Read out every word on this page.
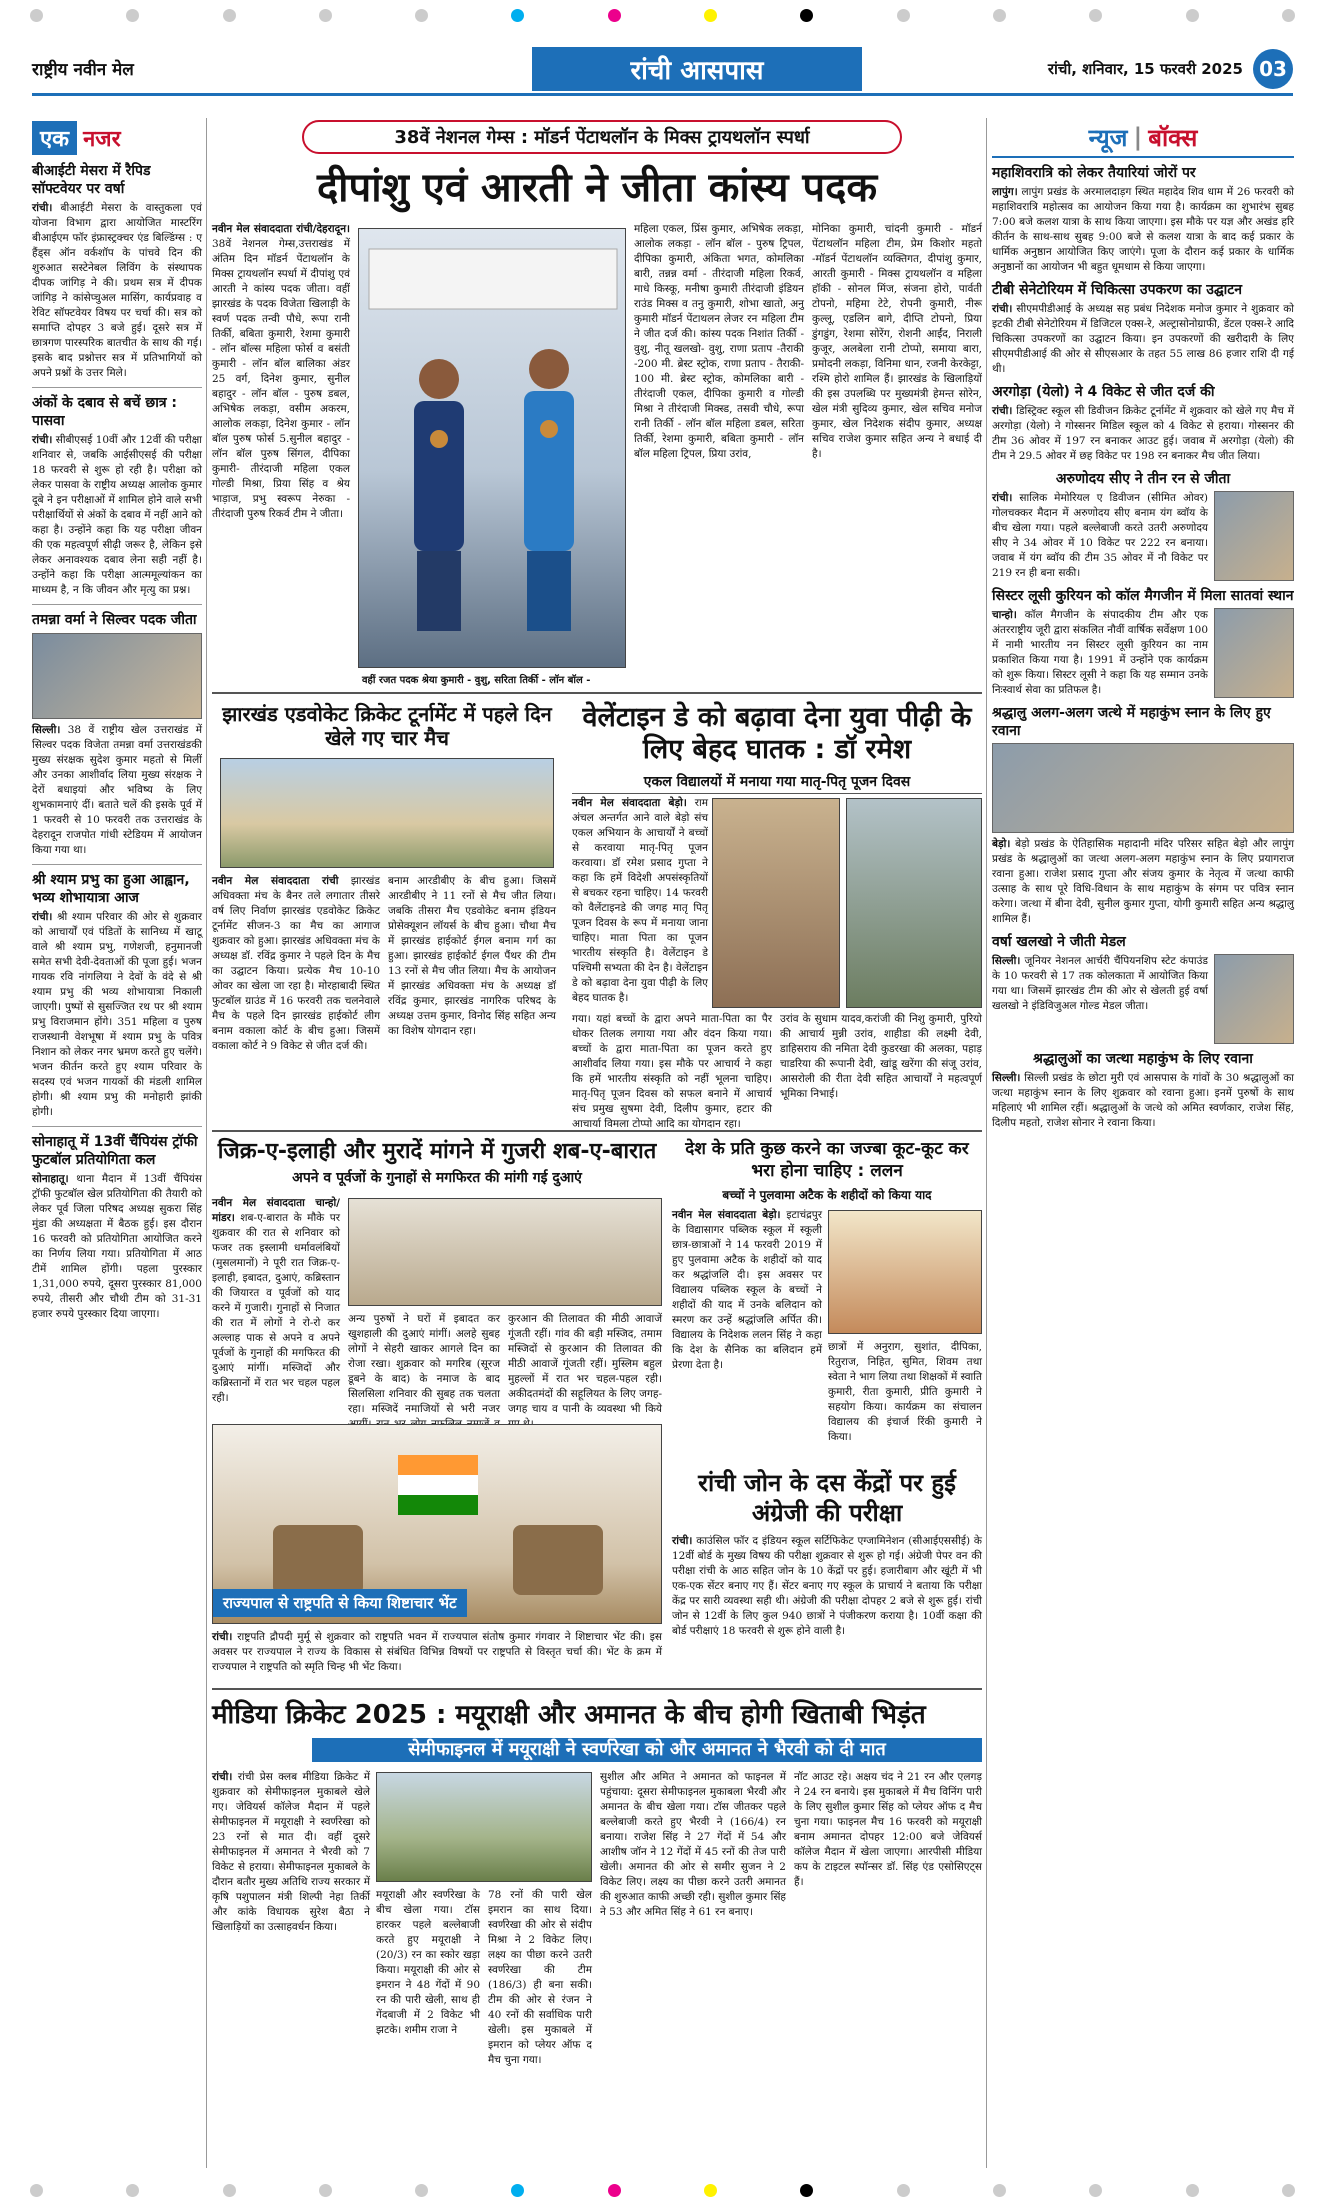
राष्ट्रीय नवीन मेल	रांची आसपास	रांची, शनिवार, 15 फरवरी 2025 03
एक नजर
बीआईटी मेसरा में रैपिड सॉफ्टवेयर पर वर्षा

रांची। बीआईटी मेसरा के वास्तुकला एवं योजना विभाग द्वारा आयोजित मास्टरिंग बीआईएम फॉर इंफ्रास्ट्रक्चर एंड बिल्डिंग्स : ए हैंड्स ऑन वर्कशॉप के पांचवे दिन की शुरुआत सस्टेनेबल लिविंग के संस्थापक दीपक जांगिड़ ने की। प्रथम सत्र में दीपक जांगिड़ ने कांसेप्चुअल मासिंग, कार्यप्रवाह व रेविट सॉफ्टवेयर विषय पर चर्चा की। सत्र को समाप्ति दोपहर 3 बजे हुई। दूसरे सत्र में छात्रगण पारस्परिक बातचीत के साथ की गई। इसके बाद प्रश्नोत्तर सत्र में प्रतिभागियों को अपने प्रश्नों के उत्तर मिले।

अंकों के दबाव से बचें छात्र : पासवा

रांची। सीबीएसई 10वीं और 12वीं की परीक्षा शनिवार से, जबकि आईसीएसई की परीक्षा 18 फरवरी से शुरू हो रही है। परीक्षा को लेकर पासवा के राष्ट्रीय अध्यक्ष आलोक कुमार दूबे ने इन परीक्षाओं में शामिल होने वाले सभी परीक्षार्थियों से अंकों के दबाव में नहीं आने को कहा है। उन्होंने कहा कि यह परीक्षा जीवन की एक महत्वपूर्ण सीढ़ी जरूर है, लेकिन इसे लेकर अनावश्यक दबाव लेना सही नहीं है। उन्होंने कहा कि परीक्षा आत्ममूल्यांकन का माध्यम है, न कि जीवन और मृत्यु का प्रश्न।

तमन्ना वर्मा ने सिल्वर पदक जीता

सिल्ली। 38 वें राष्ट्रीय खेल उत्तराखंड में सिल्वर पदक विजेता तमन्ना वर्मा उत्तराखंडकी मुख्य संरक्षक सुदेश कुमार महतो से मिलीं और उनका आशीर्वाद लिया मुख्य संरक्षक ने देरों बधाइयां और भविष्य के लिए शुभकामनाएं दीं। बताते चलें की इसके पूर्व में 1 फरवरी से 10 फरवरी तक उत्तराखंड के देहरादून राजपोत गांधी स्टेडियम में आयोजन किया गया था।

श्री श्याम प्रभु का हुआ आह्वान, भव्य शोभायात्रा आज

रांची। श्री श्याम परिवार की ओर से शुक्रवार को आचार्यों एवं पंडितों के सानिध्य में खाटू वाले श्री श्याम प्रभु, गणेशजी, हनुमानजी समेत सभी देवी-देवताओं की पूजा हुई। भजन गायक रवि नांगलिया ने देवों के वंदे से श्री श्याम प्रभु की भव्य शोभायात्रा निकाली जाएगी। पुष्पों से सुसज्जित रथ पर श्री श्याम प्रभु विराजमान होंगे। 351 महिला व पुरुष राजस्थानी वेशभूषा में श्याम प्रभु के पवित्र निशान को लेकर नगर भ्रमण करते हुए चलेंगे। भजन कीर्तन करते हुए श्याम परिवार के सदस्य एवं भजन गायकों की मंडली शामिल होगी। श्री श्याम प्रभु की मनोहारी झांकी होगी।

सोनाहातू में 13वीं चैंपियंस ट्रॉफी फुटबॉल प्रतियोगिता कल

सोनाहातू। थाना मैदान में 13वीं चैंपियंस ट्रॉफी फुटबॉल खेल प्रतियोगिता की तैयारी को लेकर पूर्व जिला परिषद अध्यक्ष सुकरा सिंह मुंडा की अध्यक्षता में बैठक हुई। इस दौरान 16 फरवरी को प्रतियोगिता आयोजित करने का निर्णय लिया गया। प्रतियोगिता में आठ टीमें शामिल होंगी। पहला पुरस्कार 1,31,000 रुपये, दूसरा पुरस्कार 81,000 रुपये, तीसरी और चौथी टीम को 31-31 हजार रुपये पुरस्कार दिया जाएगा।

38वें नेशनल गेम्स : मॉडर्न पेंटाथलॉन के मिक्स ट्रायथलॉन स्पर्धा
दीपांशु एवं आरती ने जीता कांस्य पदक

नवीन मेल संवाददाता रांची/देहरादून। 38वें नेशनल गेम्स,उत्तराखंड में अंतिम दिन मॉडर्न पेंटाथलॉन के मिक्स ट्रायथलॉन स्पर्धा में दीपांशु एवं आरती ने कांस्य पदक जीता। वहीं झारखंड के पदक विजेता खिलाड़ी के स्वर्ण पदक तन्वी पौधे, रूपा रानी तिर्की, बबिता कुमारी, रेशमा कुमारी - लॉन बॉल्स महिला फोर्स व बसंती कुमारी - लॉन बॉल बालिका अंडर 25 वर्ग, दिनेश कुमार, सुनील बहादुर - लॉन बॉल - पुरुष डबल, अभिषेक लकड़ा, वसीम अकरम, आलोक लकड़ा, दिनेश कुमार - लॉन बॉल पुरुष फोर्स 5.सुनील बहादुर - लॉन बॉल पुरुष सिंगल, दीपिका कुमारी- तीरंदाजी महिला एकल गोल्डी मिश्रा, प्रिया सिंह व श्रेय भाड़ाज, प्रभु स्वरूप नेरुका - तीरंदाजी पुरुष रिकर्व टीम ने जीता।

महिला एकल, प्रिंस कुमार, अभिषेक लकड़ा, आलोक लकड़ा - लॉन बॉल - पुरुष ट्रिपल, दीपिका कुमारी, अंकिता भगत, कोमलिका बारी, तन्नन्न वर्मा - तीरंदाजी महिला रिकर्व, माधे किस्कू, मनीषा कुमारी तीरंदाजी इंडियन राउंड मिक्स व तनु कुमारी, शोभा खातो, अनु कुमारी मॉडर्न पेंटाथलन लेजर रन महिला टीम ने जीत दर्ज की। कांस्य पदक निशांत तिर्की - वुशु, नीतू खलखो- वुशु, राणा प्रताप -तैराकी -200 मी. ब्रेस्ट स्ट्रोक, राणा प्रताप - तैराकी- 100 मी. ब्रेस्ट स्ट्रोक, कोमलिका बारी - तीरंदाजी एकल, दीपिका कुमारी व गोल्डी मिश्रा ने तीरंदाजी मिक्स्ड, तसवी चौधे, रूपा रानी तिर्की - लॉन बॉल महिला डबल, सरिता तिर्की, रेशमा कुमारी, बबिता कुमारी - लॉन बॉल महिला ट्रिपल, प्रिया उरांव,

मोनिका कुमारी, चांदनी कुमारी - मॉडर्न पेंटाथलॉन महिला टीम, प्रेम किशोर महतो -मॉडर्न पेंटाथलॉन व्यक्तिगत, दीपांशु कुमार, आरती कुमारी - मिक्स ट्रायथलॉन व महिला हॉकी - सोनल मिंज, संजना होरो, पार्वती टोपनो, महिमा टेटे, रोपनी कुमारी, नीरू कुल्लू, एडलिन बागे, दीप्ति टोपनो, प्रिया डुंगडुंग, रेशमा सोरेंग, रोशनी आईंद, निराली कुजूर, अलबेला रानी टोप्पो, समाया बारा, प्रमोदनी लकड़ा, विनिमा धान, रजनी केरकेट्टा, रश्मि होरो शामिल हैं। झारखंड के खिलाड़ियों की इस उपलब्धि पर मुख्यमंत्री हेमन्त सोरेन, खेल मंत्री सुदिव्य कुमार, खेल सचिव मनोज कुमार, खेल निदेशक संदीप कुमार, अध्यक्ष सचिव राजेश कुमार सहित अन्य ने बधाई दी है।

वहीं रजत पदक श्रेया कुमारी - वुशु, सरिता तिर्की - लॉन बॉल -
झारखंड एडवोकेट क्रिकेट टूर्नामेंट में पहले दिन खेले गए चार मैच

नवीन मेल संवाददाता रांची झारखंड अधिवक्ता मंच के बैनर तले लगातार तीसरे वर्ष लिए निर्वाण झारखंड एडवोकेट क्रिकेट टूर्नामेंट सीजन-3 का मैच का आगाज शुक्रवार को हुआ। झारखंड अधिवक्ता मंच के अध्यक्ष डॉ. रविंद्र कुमार ने पहले दिन के मैच का उद्घाटन किया। प्रत्येक मैच 10-10 ओवर का खेला जा रहा है। मोरहाबादी स्थित फुटबॉल ग्राउंड में 16 फरवरी तक चलनेवाले मैच के पहले दिन झारखंड हाईकोर्ट लीग बनाम वकाला कोर्ट के बीच हुआ। जिसमें वकाला कोर्ट ने 9 विकेट से जीत दर्ज की।

बनाम आरडीबीए के बीच हुआ। जिसमें आरडीबीए ने 11 रनों से मैच जीत लिया। जबकि तीसरा मैच एडवोकेट बनाम इंडियन प्रोसेक्यूशन लॉयर्स के बीच हुआ। चौथा मैच में झारखंड हाईकोर्ट ईगल बनाम गर्ग का हुआ। झारखंड हाईकोर्ट ईगल पैंथर की टीम 13 रनों से मैच जीत लिया। मैच के आयोजन में झारखंड अधिवक्ता मंच के अध्यक्ष डॉ रविंद्र कुमार, झारखंड नागरिक परिषद के अध्यक्ष उत्तम कुमार, विनोद सिंह सहित अन्य का विशेष योगदान रहा।

वेलेंटाइन डे को बढ़ावा देना युवा पीढ़ी के लिए बेहद घातक : डॉ रमेश
एकल विद्यालयों में मनाया गया मातृ-पितृ पूजन दिवस

नवीन मेल संवाददाता बेड़ो। राम अंचल अन्तर्गत आने वाले बेड़ो संच एकल अभियान के आचार्यों ने बच्चों से करवाया मातृ-पितृ पूजन करवाया। डॉ रमेश प्रसाद गुप्ता ने कहा कि हमें विदेशी अपसंस्कृतियों से बचकर रहना चाहिए। 14 फरवरी को वैलेंटाइनडे की जगह मातृ पितृ पूजन दिवस के रूप में मनाया जाना चाहिए। माता पिता का पूजन भारतीय संस्कृति है। वेलेंटाइन डे पश्चिमी सभ्यता की देन है। वेलेंटाइन डे को बढ़ावा देना युवा पीढ़ी के लिए बेहद घातक है।

गया। यहां बच्चों के द्वारा अपने माता-पिता का पैर धोकर तिलक लगाया गया और वंदन किया गया। बच्चों के द्वारा माता-पिता का पूजन करते हुए आशीर्वाद लिया गया। इस मौके पर आचार्य ने कहा कि हमें भारतीय संस्कृति को नहीं भूलना चाहिए। मातृ-पितृ पूजन दिवस को सफल बनाने में आचार्य संच प्रमुख सुषमा देवी, दिलीप कुमार, हटार की आचार्या विमला टोप्पो आदि का योगदान रहा।

उरांव के सुधाम यादव,करांजी की निशु कुमारी, पुरियो की आचार्य मुन्नी उरांव, शाहीडा की लक्ष्मी देवी, डाहिसराय की नमिता देवी कुडरखा की अलका, पहाड़ चाडरिया की रूपानी देवी, खांडू खरेंगा की संजू उरांव, आसरोली की रीता देवी सहित आचार्यों ने महत्वपूर्ण भूमिका निभाई।

जिक्र-ए-इलाही और मुरादें मांगने में गुजरी शब-ए-बारात
अपने व पूर्वजों के गुनाहों से मगफिरत की मांगी गई दुआएं

नवीन मेल संवाददाता चान्हो/मांडर। शब-ए-बारात के मौके पर शुक्रवार की रात से शनिवार को फजर तक इस्लामी धर्मावलंबियों (मुसलमानों) ने पूरी रात जिक्र-ए-इलाही, इबादत, दुआएं, कब्रिस्तान की जियारत व पूर्वजों को याद करने में गुजारी। गुनाहों से निजात की रात में लोगों ने रो-रो कर अल्लाह पाक से अपने व अपने पूर्वजों के गुनाहों की मगफिरत की दुआएं मांगीं। मस्जिदों और कब्रिस्तानों में रात भर चहल पहल रही।

अन्य पुरुषों ने घरों में इबादत कर खुशहाली की दुआएं मांगीं। अलहे सुबह लोगों ने सेहरी खाकर आगले दिन का रोजा रखा। शुक्रवार को मगरिब (सूरज डूबने के बाद) के नमाज के बाद सिलसिला शनिवार की सुबह तक चलता रहा। मस्जिदें नमाजियों से भरी नजर

कुरआन की तिलावत की मीठी आवाजें गूंजती रहीं। गांव की बड़ी मस्जिद, तमाम मस्जिदों से कुरआन की तिलावत की मीठी आवाजें गूंजती रहीं। मुस्लिम बहुल मुहल्लों में रात भर चहल-पहल रही। अकीदतमंदों की सहूलियत के लिए जगह-जगह चाय व पानी के व्यवस्था भी किये

देश के प्रति कुछ करने का जज्बा कूट-कूट कर भरा होना चाहिए : ललन
बच्चों ने पुलवामा अटैक के शहीदों को किया याद

नवीन मेल संवाददाता बेड़ो। इटाचंद्रपुर के विद्यासागर पब्लिक स्कूल में स्कूली छात्र-छात्राओं ने 14 फरवरी 2019 में हुए पुलवामा अटैक के शहीदों को याद कर श्रद्धांजलि दी। इस अवसर पर विद्यालय पब्लिक स्कूल के बच्चों ने शहीदों की याद में उनके बलिदान को स्मरण कर उन्हें श्रद्धांजलि अर्पित की। विद्यालय के निदेशक ललन सिंह ने कहा कि देश के सैनिक का बलिदान हमें प्रेरणा देता है।

छात्रों में अनुराग, सुशांत, दीपिका, रितुराज, निहित, सुमित, शिवम तथा स्वेता ने भाग लिया तथा शिक्षकों में स्वाति कुमारी, रीता कुमारी, प्रीति कुमारी ने सहयोग किया। कार्यक्रम का संचालन विद्यालय की इंचार्ज रिंकी कुमारी ने किया।

राज्यपाल से राष्ट्रपति से किया शिष्टाचार भेंट

रांची। राष्ट्रपति द्रौपदी मुर्मू से शुक्रवार को राष्ट्रपति भवन में राज्यपाल संतोष कुमार गंगवार ने शिष्टाचार भेंट की। इस अवसर पर राज्यपाल ने राज्य के विकास से संबंधित विभिन्न विषयों पर राष्ट्रपति से विस्तृत चर्चा की। भेंट के क्रम में राज्यपाल ने राष्ट्रपति को स्मृति चिन्ह भी भेंट किया।

रांची जोन के दस केंद्रों पर हुई अंग्रेजी की परीक्षा

रांची। काउंसिल फॉर द इंडियन स्कूल सर्टिफिकेट एग्जामिनेशन (सीआईएससीई) के 12वीं बोर्ड के मुख्य विषय की परीक्षा शुक्रवार से शुरू हो गई। अंग्रेजी पेपर वन की परीक्षा रांची के आठ सहित जोन के 10 केंद्रों पर हुई। हजारीबाग और खूंटी में भी एक-एक सेंटर बनाए गए हैं। सेंटर बनाए गए स्कूल के प्राचार्य ने बताया कि परीक्षा केंद्र पर सारी व्यवस्था सही थी। अंग्रेजी की परीक्षा दोपहर 2 बजे से शुरू हुई। रांची जोन से 12वीं के लिए कुल 940 छात्रों ने पंजीकरण कराया है। 10वीं कक्षा की बोर्ड परीक्षाएं 18 फरवरी से शुरू होने वाली है।

मीडिया क्रिकेट 2025 : मयूराक्षी और अमानत के बीच होगी खिताबी भिड़ंत
सेमीफाइनल में मयूराक्षी ने स्वर्णरेखा को और अमानत ने भैरवी को दी मात

रांची। रांची प्रेस क्लब मीडिया क्रिकेट में शुक्रवार को सेमीफाइनल मुकाबले खेले गए। जेवियर्स कॉलेज मैदान में पहले सेमीफाइनल में मयूराक्षी ने स्वर्णरेखा को 23 रनों से मात दी। वहीं दूसरे सेमीफाइनल में अमानत ने भैरवी को 7 विकेट से हराया। सेमीफाइनल मुकाबले के दौरान बतौर मुख्य अतिथि राज्य सरकार में कृषि पशुपालन मंत्री शिल्पी नेहा तिर्की और कांके विधायक सुरेश बैठा ने खिलाड़ियों का उत्साहवर्धन किया।

मयूराक्षी और स्वर्णरेखा के बीच खेला गया। टॉस हारकर पहले बल्लेबाजी करते हुए मयूराक्षी ने (20/3) रन का स्कोर खड़ा किया। मयूराक्षी की ओर से इमरान ने 48 गेंदों में 90 रन की पारी खेली, साथ ही गेंदबाजी में 2 विकेट भी झटके। शमीम राजा ने

78 रनों की पारी खेल इमरान का साथ दिया। स्वर्णरेखा की ओर से संदीप मिश्रा ने 2 विकेट लिए। लक्ष्य का पीछा करने उतरी स्वर्णरेखा की टीम (186/3) ही बना सकी। टीम की ओर से रंजन ने 40 रनों की सर्वाधिक पारी खेली। इस मुकाबले में इमरान को प्लेयर ऑफ द मैच चुना गया।

सुशील और अमित ने अमानत को फाइनल में पहुंचाया: दूसरा सेमीफाइनल मुकाबला भैरवी और अमानत के बीच खेला गया। टॉस जीतकर पहले बल्लेबाजी करते हुए भैरवी ने (166/4) रन बनाया। राजेश सिंह ने 27 गेंदों में 54 और आशीष जॉन ने 12 गेंदों में 45 रनों की तेज पारी खेली। अमानत की ओर से समीर सुजन ने 2 विकेट लिए। लक्ष्य का पीछा करने उतरी अमानत की शुरुआत काफी अच्छी रही। सुशील कुमार सिंह ने 53 और अमित सिंह ने 61 रन बनाए।

नॉट आउट रहे। अक्षय चंद ने 21 रन और एलगड़ ने 24 रन बनाये। इस मुकाबले में मैच विनिंग पारी के लिए सुशील कुमार सिंह को प्लेयर ऑफ द मैच चुना गया। फाइनल मैच 16 फरवरी को मयूराक्षी बनाम अमानत दोपहर 12:00 बजे जेवियर्स कॉलेज मैदान में खेला जाएगा। आरपीसी मीडिया कप के टाइटल स्पॉन्सर डॉ. सिंह एंड एसोसिएट्स हैं।

न्यूज | बॉक्स
महाशिवरात्रि को लेकर तैयारियां जोरों पर

लापुंग। लापुंग प्रखंड के अरमालदाड़ग स्थित महादेव शिव धाम में 26 फरवरी को महाशिवरात्रि महोत्सव का आयोजन किया गया है। कार्यक्रम का शुभारंभ सुबह 7:00 बजे कलश यात्रा के साथ किया जाएगा। इस मौके पर यज्ञ और अखंड हरि कीर्तन के साथ-साथ सुबह 9:00 बजे से कलश यात्रा के बाद कई प्रकार के धार्मिक अनुष्ठान आयोजित किए जाएंगे। पूजा के दौरान कई प्रकार के धार्मिक अनुष्ठानों का आयोजन भी बहुत धूमधाम से किया जाएगा।

टीबी सेनेटोरियम में चिकित्सा उपकरण का उद्घाटन

रांची। सीएमपीडीआई के अध्यक्ष सह प्रबंध निदेशक मनोज कुमार ने शुक्रवार को इटकी टीबी सेनेटोरियम में डिजिटल एक्स-रे, अल्ट्रासोनोग्राफी, डेंटल एक्स-रे आदि चिकित्सा उपकरणों का उद्घाटन किया। इन उपकरणों की खरीदारी के लिए सीएमपीडीआई की ओर से सीएसआर के तहत 55 लाख 86 हजार राशि दी गई थी।

अरगोड़ा (येलो) ने 4 विकेट से जीत दर्ज की

रांची। डिस्ट्रिक्ट स्कूल सी डिवीजन क्रिकेट टूर्नामेंट में शुक्रवार को खेले गए मैच में अरगोड़ा (येलो) ने गोस्सनर मिडिल स्कूल को 4 विकेट से हराया। गोस्सनर की टीम 36 ओवर में 197 रन बनाकर आउट हुई। जवाब में अरगोड़ा (येलो) की टीम ने 29.5 ओवर में छह विकेट पर 198 रन बनाकर मैच जीत लिया।

अरुणोदय सीए ने तीन रन से जीता

रांची। सालिक मेमोरियल ए डिवीजन (सीमित ओवर) गोलचक्कर मैदान में अरुणोदय सीए बनाम यंग ब्वॉय के बीच खेला गया। पहले बल्लेबाजी करते उतरी अरुणोदय सीए ने 34 ओवर में 10 विकेट पर 222 रन बनाया। जवाब में यंग ब्वॉय की टीम 35 ओवर में नौ विकेट पर 219 रन ही बना सकी।

सिस्टर लूसी कुरियन को कॉल मैगजीन में मिला सातवां स्थान

चान्हो। कॉल मैगजीन के संपादकीय टीम और एक अंतरराष्ट्रीय जूरी द्वारा संकलित नौवीं वार्षिक सर्वेक्षण 100 में नामी भारतीय नन सिस्टर लूसी कुरियन का नाम प्रकाशित किया गया है। 1991 में उन्होंने एक कार्यक्रम को शुरू किया। सिस्टर लूसी ने कहा कि यह सम्मान उनके निःस्वार्थ सेवा का प्रतिफल है।

श्रद्धालु अलग-अलग जत्थे में महाकुंभ स्नान के लिए हुए रवाना

बेड़ो। बेड़ो प्रखंड के ऐतिहासिक महादानी मंदिर परिसर सहित बेड़ो और लापुंग प्रखंड के श्रद्धालुओं का जत्था अलग-अलग महाकुंभ स्नान के लिए प्रयागराज रवाना हुआ। राजेश प्रसाद गुप्ता और संजय कुमार के नेतृत्व में जत्था काफी उत्साह के साथ पूरे विधि-विधान के साथ महाकुंभ के संगम पर पवित्र स्नान करेगा। जत्था में बीना देवी, सुनील कुमार गुप्ता, योगी कुमारी सहित अन्य श्रद्धालु शामिल हैं।

वर्षा खलखो ने जीती मेडल

सिल्ली। जूनियर नेशनल आर्चरी चैंपियनशिप स्टेट कंपाउंड के 10 फरवरी से 17 तक कोलकाता में आयोजित किया गया था। जिसमें झारखंड टीम की ओर से खेलती हुई वर्षा खलखो ने इंडिविजुअल गोल्ड मेडल जीता।

श्रद्धालुओं का जत्था महाकुंभ के लिए रवाना

सिल्ली। सिल्ली प्रखंड के छोटा मुरी एवं आसपास के गांवों के 30 श्रद्धालुओं का जत्था महाकुंभ स्नान के लिए शुक्रवार को रवाना हुआ। इनमें पुरुषों के साथ महिलाएं भी शामिल रहीं। श्रद्धालुओं के जत्थे को अमित स्वर्णकार, राजेश सिंह, दिलीप महतो, राजेश सोनार ने रवाना किया।
